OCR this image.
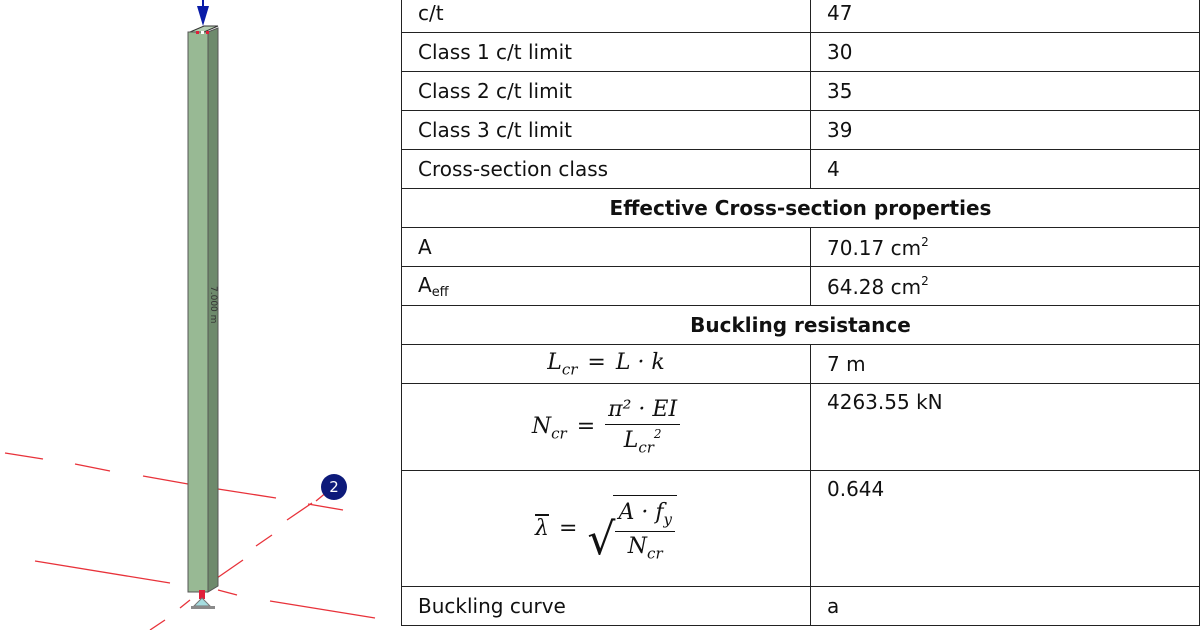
7.000 m
2
c/t	47
Class 1 c/t limit	30
Class 2 c/t limit	35
Class 3 c/t limit	39
Cross-section class	4
Effective Cross-section properties	
A	70.17 $cm^2$
$A_{eff}$	64.28 $cm^2$
Buckling resistance	
$L_{cr} = L \cdot k$	7 m
$N_{cr} = \frac{\text{π² · EI}}{L_{cr}^2}$	4263.55 kN
$\overline{\lambda}$ = √ $\frac{A \cdot f_y}{N_{cr}}$	0.644
Buckling curve	a
